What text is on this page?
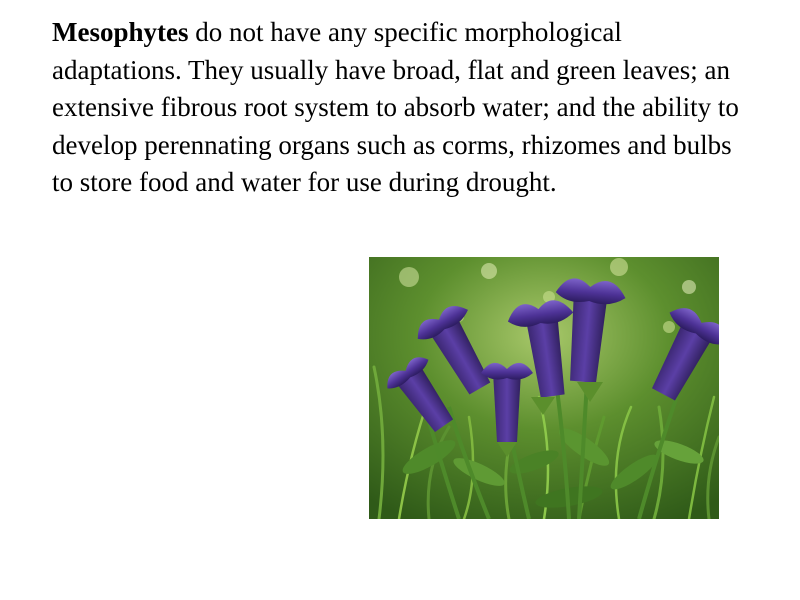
Mesophytes do not have any specific morphological adaptations. They usually have broad, flat and green leaves; an extensive fibrous root system to absorb water; and the ability to develop perennating organs such as corms, rhizomes and bulbs to store food and water for use during drought.
